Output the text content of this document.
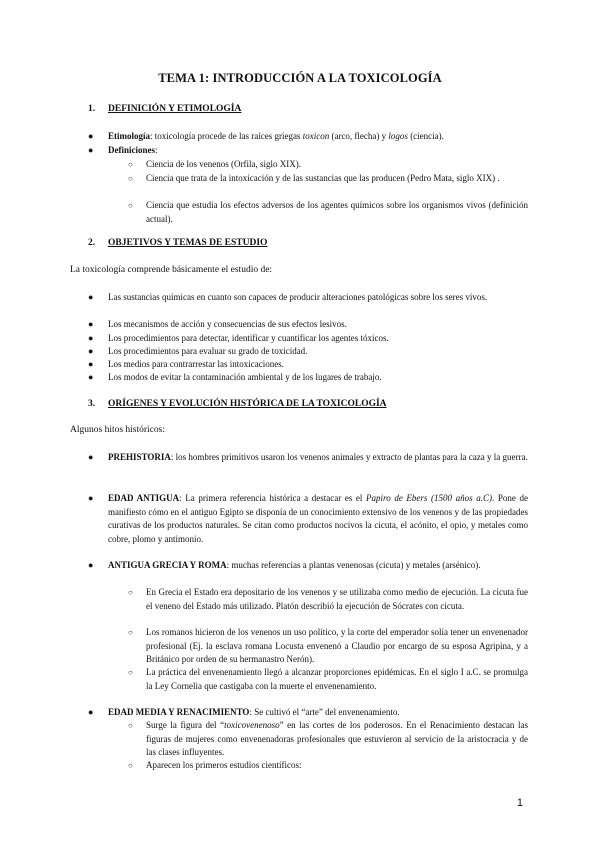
TEMA 1: INTRODUCCIÓN A LA TOXICOLOGÍA
1. DEFINICIÓN Y ETIMOLOGÍA
● Etimología: toxicología procede de las raíces griegas toxicon (arco, flecha) y logos (ciencia).
● Definiciones:
○ Ciencia de los venenos (Orfila, siglo XIX).
○ Ciencia que trata de la intoxicación y de las sustancias que las producen (Pedro Mata, siglo XIX) .
○ Ciencia que estudia los efectos adversos de los agentes químicos sobre los organismos vivos (definición actual).
2. OBJETIVOS Y TEMAS DE ESTUDIO
La toxicología comprende básicamente el estudio de:
● Las sustancias químicas en cuanto son capaces de producir alteraciones patológicas sobre los seres vivos.
● Los mecanismos de acción y consecuencias de sus efectos lesivos.
● Los procedimientos para detectar, identificar y cuantificar los agentes tóxicos.
● Los procedimientos para evaluar su grado de toxicidad.
● Los medios para contrarrestar las intoxicaciones.
● Los modos de evitar la contaminación ambiental y de los lugares de trabajo.
3. ORÍGENES Y EVOLUCIÓN HISTÓRICA DE LA TOXICOLOGÍA
Algunos hitos históricos:
● PREHISTORIA: los hombres primitivos usaron los venenos animales y extracto de plantas para la caza y la guerra.
● EDAD ANTIGUA: La primera referencia histórica a destacar es el Papiro de Ebers (1500 años a.C). Pone de manifiesto cómo en el antiguo Egipto se disponía de un conocimiento extensivo de los venenos y de las propiedades curativas de los productos naturales. Se citan como productos nocivos la cicuta, el acónito, el opio, y metales como cobre, plomo y antimonio.
● ANTIGUA GRECIA Y ROMA: muchas referencias a plantas venenosas (cicuta) y metales (arsénico).
○ En Grecia el Estado era depositario de los venenos y se utilizaba como medio de ejecución. La cicuta fue el veneno del Estado más utilizado. Platón describió la ejecución de Sócrates con cicuta.
○ Los romanos hicieron de los venenos un uso político, y la corte del emperador solía tener un envenenador profesional (Ej. la esclava romana Locusta envenenó a Claudio por encargo de su esposa Agripina, y a Británico por orden de su hermanastro Nerón).
○ La práctica del envenenamiento llegó a alcanzar proporciones epidémicas. En el siglo I a.C. se promulga la Ley Cornelia que castigaba con la muerte el envenenamiento.
● EDAD MEDIA Y RENACIMIENTO: Se cultivó el “arte” del envenenamiento.
○ Surge la figura del “toxicovenenoso” en las cortes de los poderosos. En el Renacimiento destacan las figuras de mujeres como envenenadoras profesionales que estuvieron al servicio de la aristocracia y de las clases influyentes.
○ Aparecen los primeros estudios científicos:
1
